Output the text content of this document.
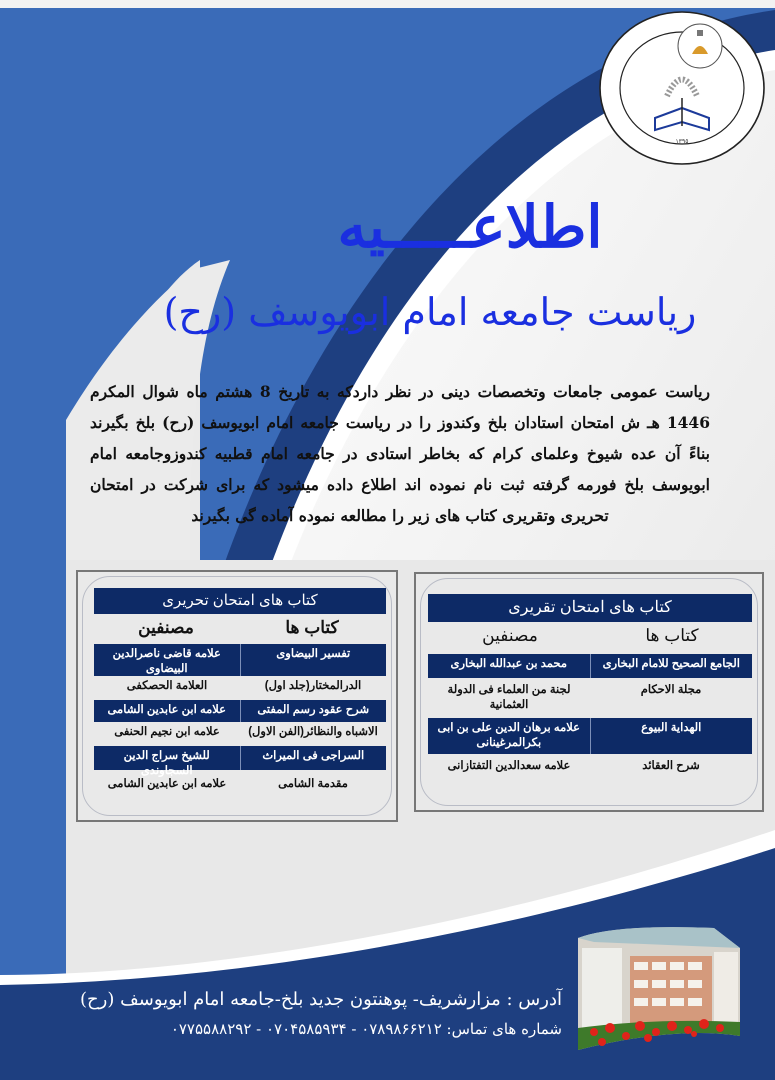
١٣٩٥
اطلاعـــــیه
ریاست جامعه امام ابویوسف (رح)
ریاست عمومی جامعات وتخصصات دینی در نظر داردکه به تاریخ 8 هشتم ماه شوال المکرم 1446 هـ ش امتحان استادان بلخ وکندوز را در ریاست جامعه امام ابویوسف (رح) بلخ بگیرند بناءً آن عده شیوخ وعلمای کرام که بخاطر استادی در جامعه امام قطبیه کندوزوجامعه امام ابویوسف بلخ فورمه گرفته ثبت نام نموده اند اطلاع داده میشود که برای شرکت در امتحان تحریری وتقریری کتاب های زیر را مطالعه نموده آماده گی بگیرند
کتاب های امتحان تحریری
کتاب ها
مصنفین
تفسیر البیضاوی
علامه قاضی ناصرالدین البیضاوی
الدرالمختار(جلد اول)
العلامة الحصکفی
شرح عقود رسم المفتی
علامه ابن عابدین الشامی
الاشباه والنظائر(الفن الاول)
علامه ابن نجیم الحنفی
السراجی فی المیراث
للشیخ سراج الدین السجاوندی
مقدمة الشامی
علامه ابن عابدین الشامی
کتاب های امتحان تقریری
کتاب ها
مصنفین
الجامع الصحیح للامام البخاری
محمد بن عبدالله البخاری
مجلة الاحکام
لجنة من العلماء فی الدولة العثمانیة
الهدایة البیوع
علامه برهان الدین علی بن ابی بکرالمرغینانی
شرح العقائد
علامه سعدالدین التفتازانی
آدرس : مزارشریف- پوهنتون جدید بلخ-جامعه امام ابویوسف (رح)
شماره های تماس: ۰۷۸۹۸۶۶۲۱۲ - ۰۷۰۴۵۸۵۹۳۴ - ۰۷۷۵۵۸۸۲۹۲
